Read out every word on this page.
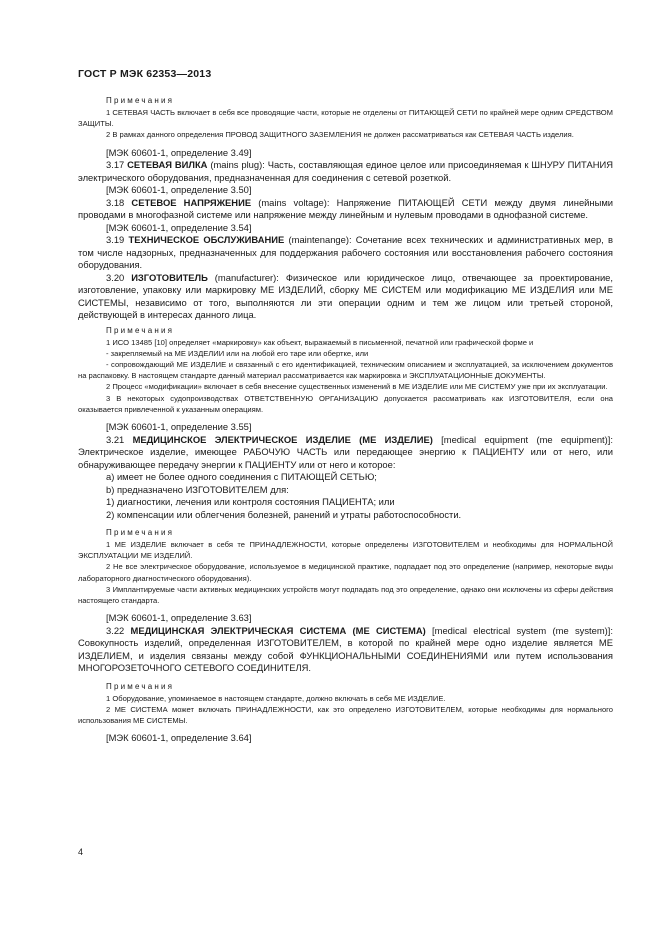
ГОСТ Р МЭК 62353—2013

Примечания

1 СЕТЕВАЯ ЧАСТЬ включает в себя все проводящие части, которые не отделены от ПИТАЮЩЕЙ СЕТИ по крайней мере одним СРЕДСТВОМ ЗАЩИТЫ.

2 В рамках данного определения ПРОВОД ЗАЩИТНОГО ЗАЗЕМЛЕНИЯ не должен рассматриваться как СЕТЕВАЯ ЧАСТЬ изделия.

[МЭК 60601-1, определение 3.49]

3.17 СЕТЕВАЯ ВИЛКА (mains plug): Часть, составляющая единое целое или присоединяемая к ШНУРУ ПИТАНИЯ электрического оборудования, предназначенная для соединения с сетевой розеткой.

[МЭК 60601-1, определение 3.50]

3.18 СЕТЕВОЕ НАПРЯЖЕНИЕ (mains voltage): Напряжение ПИТАЮЩЕЙ СЕТИ между двумя линейными проводами в многофазной системе или напряжение между линейным и нулевым проводами в однофазной системе.

[МЭК 60601-1, определение 3.54]

3.19 ТЕХНИЧЕСКОЕ ОБСЛУЖИВАНИЕ (maintenange): Сочетание всех технических и административных мер, в том числе надзорных, предназначенных для поддержания рабочего состояния или восстановления рабочего состояния оборудования.

3.20 ИЗГОТОВИТЕЛЬ (manufacturer): Физическое или юридическое лицо, отвечающее за проектирование, изготовление, упаковку или маркировку МЕ ИЗДЕЛИЙ, сборку МЕ СИСТЕМ или модификацию МЕ ИЗДЕЛИЯ или МЕ СИСТЕМЫ, независимо от того, выполняются ли эти операции одним и тем же лицом или третьей стороной, действующей в интересах данного лица.

Примечания

1 ИСО 13485 [10] определяет «маркировку» как объект, выражаемый в письменной, печатной или графической форме и

- закрепляемый на МЕ ИЗДЕЛИИ или на любой его таре или обертке, или

- сопровождающий МЕ ИЗДЕЛИЕ и связанный с его идентификацией, техническим описанием и эксплуатацией, за исключением документов на распаковку. В настоящем стандарте данный материал рассматривается как маркировка и ЭКСПЛУАТАЦИОННЫЕ ДОКУМЕНТЫ.

2 Процесс «модификации» включает в себя внесение существенных изменений в МЕ ИЗДЕЛИЕ или МЕ СИСТЕМУ уже при их эксплуатации.

3 В некоторых судопроизводствах ОТВЕТСТВЕННУЮ ОРГАНИЗАЦИЮ допускается рассматривать как ИЗГОТОВИТЕЛЯ, если она оказывается привлеченной к указанным операциям.

[МЭК 60601-1, определение 3.55]

3.21 МЕДИЦИНСКОЕ ЭЛЕКТРИЧЕСКОЕ ИЗДЕЛИЕ (МЕ ИЗДЕЛИЕ) [medical equipment (me equipment)]: Электрическое изделие, имеющее РАБОЧУЮ ЧАСТЬ или передающее энергию к ПАЦИЕНТУ или от него, или обнаруживающее передачу энергии к ПАЦИЕНТУ или от него и которое:

a) имеет не более одного соединения с ПИТАЮЩЕЙ СЕТЬЮ;

b) предназначено ИЗГОТОВИТЕЛЕМ для:

1) диагностики, лечения или контроля состояния ПАЦИЕНТА; или

2) компенсации или облегчения болезней, ранений и утраты работоспособности.

Примечания

1 МЕ ИЗДЕЛИЕ включает в себя те ПРИНАДЛЕЖНОСТИ, которые определены ИЗГОТОВИТЕЛЕМ и необходимы для НОРМАЛЬНОЙ ЭКСПЛУАТАЦИИ МЕ ИЗДЕЛИЙ.

2 Не все электрическое оборудование, используемое в медицинской практике, подпадает под это определение (например, некоторые виды лабораторного диагностического оборудования).

3 Имплантируемые части активных медицинских устройств могут подпадать под это определение, однако они исключены из сферы действия настоящего стандарта.

[МЭК 60601-1, определение 3.63]

3.22 МЕДИЦИНСКАЯ ЭЛЕКТРИЧЕСКАЯ СИСТЕМА (МЕ СИСТЕМА) [medical electrical system (me system)]: Совокупность изделий, определенная ИЗГОТОВИТЕЛЕМ, в которой по крайней мере одно изделие является МЕ ИЗДЕЛИЕМ, и изделия связаны между собой ФУНКЦИОНАЛЬНЫМИ СОЕДИНЕНИЯМИ или путем использования МНОГОРОЗЕТОЧНОГО СЕТЕВОГО СОЕДИНИТЕЛЯ.

Примечания

1 Оборудование, упоминаемое в настоящем стандарте, должно включать в себя МЕ ИЗДЕЛИЕ.

2 МЕ СИСТЕМА может включать ПРИНАДЛЕЖНОСТИ, как это определено ИЗГОТОВИТЕЛЕМ, которые необходимы для нормального использования МЕ СИСТЕМЫ.

[МЭК 60601-1, определение 3.64]

4
